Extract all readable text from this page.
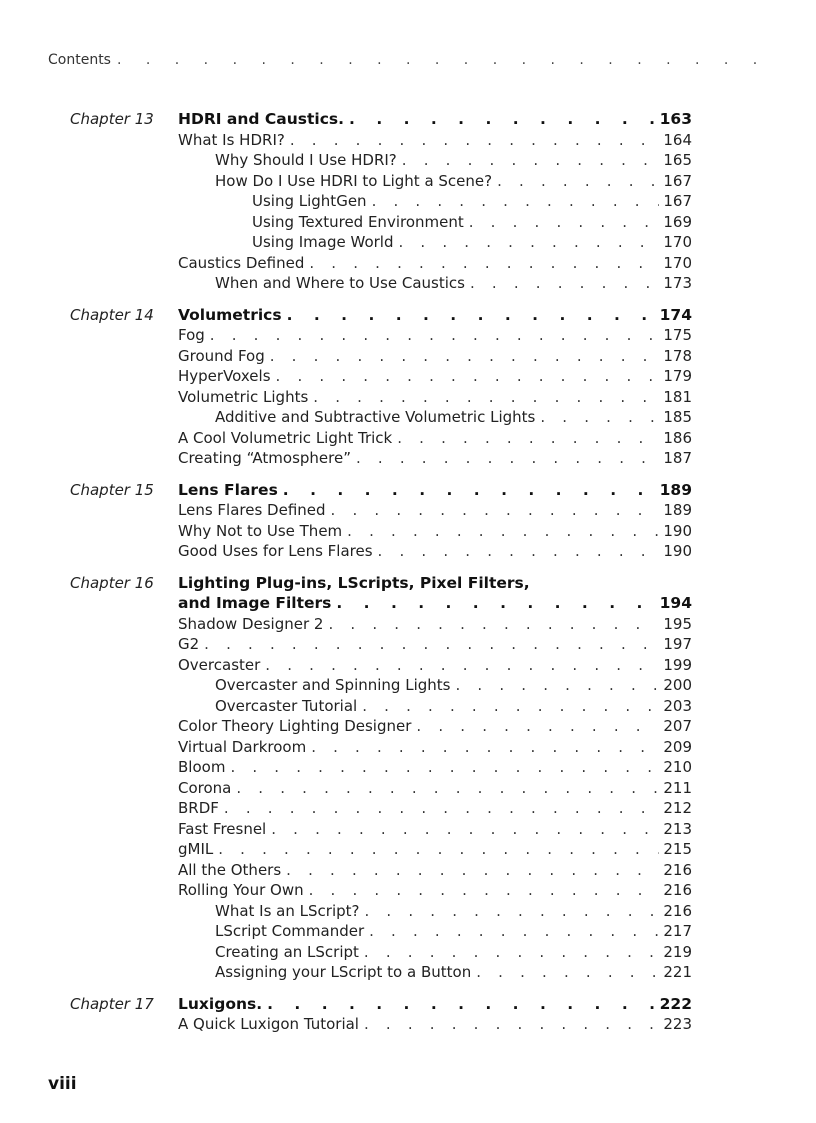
Contents
. . .
Chapter 13 HDRI and Caustics. . . .	163
What Is HDRI? . . .	164
Why Should I Use HDRI? . . .	165
How Do I Use HDRI to Light a Scene? . . .	167
Using LightGen . . .	167
Using Textured Environment . . .	169
Using Image World . . .	170
Caustics Defined . . .	170
When and Where to Use Caustics . . .	173
Chapter 14 Volumetrics . . .	174
Fog . . .	175
Ground Fog . . .	178
HyperVoxels . . .	179
Volumetric Lights . . .	181
Additive and Subtractive Volumetric Lights . . .	185
A Cool Volumetric Light Trick . . .	186
Creating “Atmosphere” . . .	187
Chapter 15 Lens Flares . . .	189
Lens Flares Defined . . .	189
Why Not to Use Them . . .	190
Good Uses for Lens Flares . . .	190
Chapter 16 Lighting Plug-ins, LScripts, Pixel Filters,
and Image Filters . . .	194
Shadow Designer 2 . . .	195
G2 . . .	197
Overcaster . . .	199
Overcaster and Spinning Lights . . .	200
Overcaster Tutorial . . .	203
Color Theory Lighting Designer . . .	207
Virtual Darkroom . . .	209
Bloom . . .	210
Corona . . .	211
BRDF . . .	212
Fast Fresnel . . .	213
gMIL . . .	215
All the Others . . .	216
Rolling Your Own . . .	216
What Is an LScript? . . .	216
LScript Commander . . .	217
Creating an LScript . . .	219
Assigning your LScript to a Button . . .	221
Chapter 17 Luxigons. . . .	222
A Quick Luxigon Tutorial . . .	223
viii
